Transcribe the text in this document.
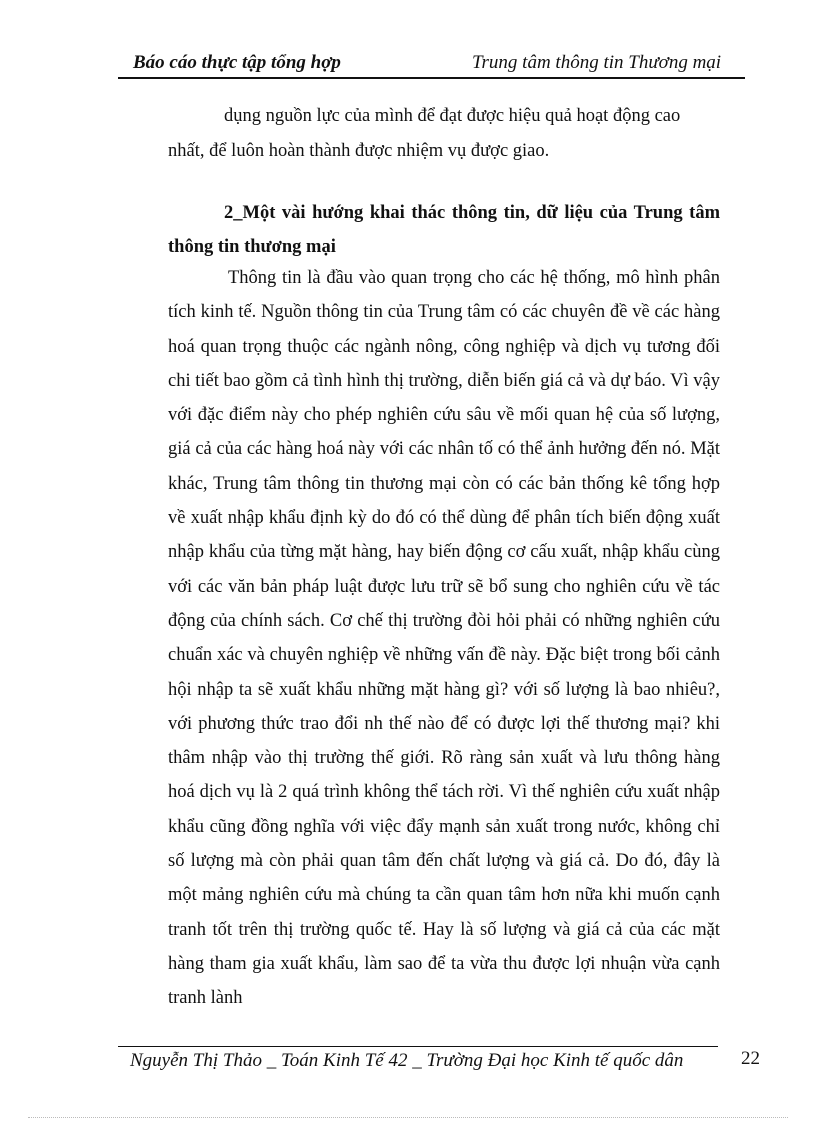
Báo cáo thực tập tổng hợp	Trung tâm thông tin Thương mại
dụng nguồn lực của mình để đạt được hiệu quả hoạt động cao
nhất, để luôn hoàn thành được nhiệm vụ được giao.
2_Một vài hướng khai thác thông tin, dữ liệu của Trung tâm thông tin thương mại

Thông tin là đầu vào quan trọng cho các hệ thống, mô hình phân tích kinh tế. Nguồn thông tin của Trung tâm có các chuyên đề về các hàng hoá quan trọng thuộc các ngành nông, công nghiệp và dịch vụ tương đối chi tiết bao gồm cả tình hình thị trường, diễn biến giá cả và dự báo. Vì vậy với đặc điểm này cho phép nghiên cứu sâu về mối quan hệ của số lượng, giá cả của các hàng hoá này với các nhân tố có thể ảnh hưởng đến nó. Mặt khác, Trung tâm thông tin thương mại còn có các bản thống kê tổng hợp về xuất nhập khẩu định kỳ do đó có thể dùng để phân tích biến động xuất nhập khẩu của từng mặt hàng, hay biến động cơ cấu xuất, nhập khẩu cùng với các văn bản pháp luật được lưu trữ sẽ bổ sung cho nghiên cứu về tác động của chính sách. Cơ chế thị trường đòi hỏi phải có những nghiên cứu chuẩn xác và chuyên nghiệp về những vấn đề này. Đặc biệt trong bối cảnh hội nhập ta sẽ xuất khẩu những mặt hàng gì? với số lượng là bao nhiêu?, với phương thức trao đổi nh thế nào để có được lợi thế thương mại? khi thâm nhập vào thị trường thế giới. Rõ ràng sản xuất và lưu thông hàng hoá dịch vụ là 2 quá trình không thể tách rời. Vì thế nghiên cứu xuất nhập khẩu cũng đồng nghĩa với việc đẩy mạnh sản xuất trong nước, không chỉ số lượng mà còn phải quan tâm đến chất lượng và giá cả. Do đó, đây là một mảng nghiên cứu mà chúng ta cần quan tâm hơn nữa khi muốn cạnh tranh tốt trên thị trường quốc tế. Hay là số lượng và giá cả của các mặt hàng tham gia xuất khẩu, làm sao để ta vừa thu được lợi nhuận vừa cạnh tranh lành

Nguyễn Thị Thảo _ Toán Kinh Tế 42 _ Trường Đại học Kinh tế quốc dân	22
